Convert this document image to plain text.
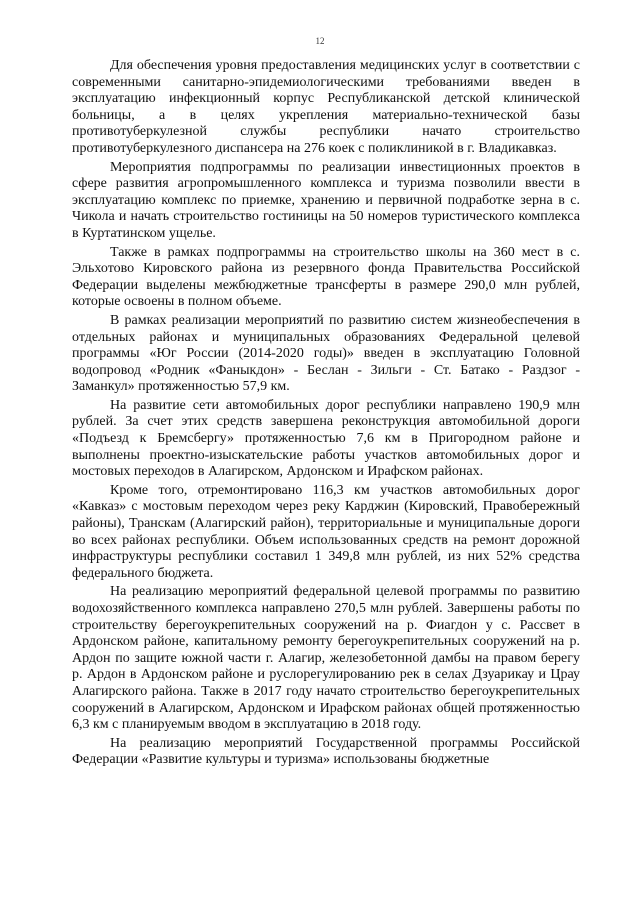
12

Для обеспечения уровня предоставления медицинских услуг в соответствии с современными санитарно-эпидемиологическими требованиями введен в эксплуатацию инфекционный корпус Республиканской детской клинической больницы, а в целях укрепления материально-технической базы противотуберкулезной службы республики начато строительство противотуберкулезного диспансера на 276 коек с поликлиникой в г. Владикавказ.

Мероприятия подпрограммы по реализации инвестиционных проектов в сфере развития агропромышленного комплекса и туризма позволили ввести в эксплуатацию комплекс по приемке, хранению и первичной подработке зерна в с. Чикола и начать строительство гостиницы на 50 номеров туристического комплекса в Куртатинском ущелье.

Также в рамках подпрограммы на строительство школы на 360 мест в с. Эльхотово Кировского района из резервного фонда Правительства Российской Федерации выделены межбюджетные трансферты в размере 290,0 млн рублей, которые освоены в полном объеме.

В рамках реализации мероприятий по развитию систем жизнеобеспечения в отдельных районах и муниципальных образованиях Федеральной целевой программы «Юг России (2014-2020 годы)» введен в эксплуатацию Головной водопровод «Родник «Фаныкдон» - Беслан - Зильги - Ст. Батако - Раздзог - Заманкул» протяженностью 57,9 км.

На развитие сети автомобильных дорог республики направлено 190,9 млн рублей. За счет этих средств завершена реконструкция автомобильной дороги «Подъезд к Бремсбергу» протяженностью 7,6 км в Пригородном районе и выполнены проектно-изыскательские работы участков автомобильных дорог и мостовых переходов в Алагирском, Ардонском и Ирафском районах.

Кроме того, отремонтировано 116,3 км участков автомобильных дорог «Кавказ» с мостовым переходом через реку Карджин (Кировский, Правобережный районы), Транскам (Алагирский район), территориальные и муниципальные дороги во всех районах республики. Объем использованных средств на ремонт дорожной инфраструктуры республики составил 1 349,8 млн рублей, из них 52% средства федерального бюджета.

На реализацию мероприятий федеральной целевой программы по развитию водохозяйственного комплекса направлено 270,5 млн рублей. Завершены работы по строительству берегоукрепительных сооружений на р. Фиагдон у с. Рассвет в Ардонском районе, капитальному ремонту берегоукрепительных сооружений на р. Ардон по защите южной части г. Алагир, железобетонной дамбы на правом берегу р. Ардон в Ардонском районе и руслорегулированию рек в селах Дзуарикау и Црау Алагирского района. Также в 2017 году начато строительство берегоукрепительных сооружений в Алагирском, Ардонском и Ирафском районах общей протяженностью 6,3 км с планируемым вводом в эксплуатацию в 2018 году.

На реализацию мероприятий Государственной программы Российской Федерации «Развитие культуры и туризма» использованы бюджетные
